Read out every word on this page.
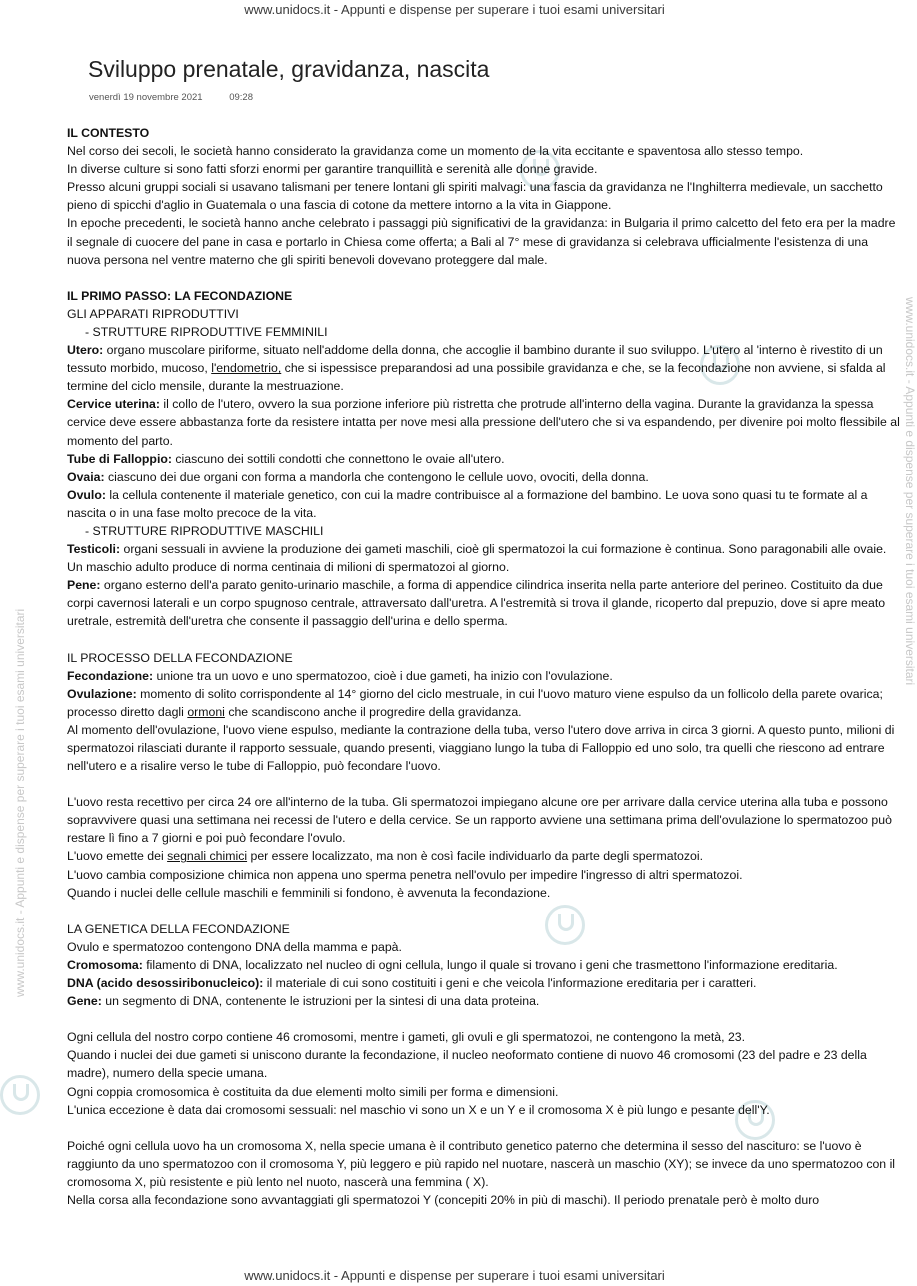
www.unidocs.it - Appunti e dispense per superare i tuoi esami universitari
www.unidocs.it - Appunti e dispense per superare i tuoi esami universitari
www.unidocs.it - Appunti e dispense per superare i tuoi esami universitari
www.unidocs.it - Appunti e dispense per superare i tuoi esami universitari
Sviluppo prenatale, gravidanza, nascita
venerdì 19 novembre 2021	09:28

IL CONTESTO

Nel corso dei secoli, le società hanno considerato la gravidanza come un momento de la vita eccitante e spaventosa allo stesso tempo.

In diverse culture si sono fatti sforzi enormi per garantire tranquillità e serenità alle donne gravide.

Presso alcuni gruppi sociali si usavano talismani per tenere lontani gli spiriti malvagi: una fascia da gravidanza ne l'Inghilterra medievale, un sacchetto pieno di spicchi d'aglio in Guatemala o una fascia di cotone da mettere intorno a la vita in Giappone.

In epoche precedenti, le società hanno anche celebrato i passaggi più significativi de la gravidanza: in Bulgaria il primo calcetto del feto era per la madre il segnale di cuocere del pane in casa e portarlo in Chiesa come offerta; a Bali al 7° mese di gravidanza si celebrava ufficialmente l'esistenza di una nuova persona nel ventre materno che gli spiriti benevoli dovevano proteggere dal male.

IL PRIMO PASSO: LA FECONDAZIONE

GLI APPARATI RIPRODUTTIVI

- STRUTTURE RIPRODUTTIVE FEMMINILI

Utero: organo muscolare piriforme, situato nell'addome della donna, che accoglie il bambino durante il suo sviluppo. L'utero al 'interno è rivestito di un tessuto morbido, mucoso, l'endometrio, che si ispessisce preparandosi ad una possibile gravidanza e che, se la fecondazione non avviene, si sfalda al termine del ciclo mensile, durante la mestruazione.

Cervice uterina: il collo de l'utero, ovvero la sua porzione inferiore più ristretta che protrude all'interno della vagina. Durante la gravidanza la spessa cervice deve essere abbastanza forte da resistere intatta per nove mesi alla pressione dell'utero che si va espandendo, per divenire poi molto flessibile al momento del parto.

Tube di Falloppio: ciascuno dei sottili condotti che connettono le ovaie all'utero.

Ovaia: ciascuno dei due organi con forma a mandorla che contengono le cellule uovo, ovociti, della donna.

Ovulo: la cellula contenente il materiale genetico, con cui la madre contribuisce al a formazione del bambino. Le uova sono quasi tu te formate al a nascita o in una fase molto precoce de la vita.

- STRUTTURE RIPRODUTTIVE MASCHILI

Testicoli: organi sessuali in avviene la produzione dei gameti maschili, cioè gli spermatozoi la cui formazione è continua. Sono paragonabili alle ovaie. Un maschio adulto produce di norma centinaia di milioni di spermatozoi al giorno.

Pene: organo esterno dell'a parato genito-urinario maschile, a forma di appendice cilindrica inserita nella parte anteriore del perineo. Costituito da due corpi cavernosi laterali e un corpo spugnoso centrale, attraversato dall'uretra. A l'estremità si trova il glande, ricoperto dal prepuzio, dove si apre meato uretrale, estremità dell'uretra che consente il passaggio dell'urina e dello sperma.

IL PROCESSO DELLA FECONDAZIONE

Fecondazione: unione tra un uovo e uno spermatozoo, cioè i due gameti, ha inizio con l'ovulazione.

Ovulazione: momento di solito corrispondente al 14° giorno del ciclo mestruale, in cui l'uovo maturo viene espulso da un follicolo della parete ovarica; processo diretto dagli ormoni che scandiscono anche il progredire della gravidanza.

Al momento dell'ovulazione, l'uovo viene espulso, mediante la contrazione della tuba, verso l'utero dove arriva in circa 3 giorni. A questo punto, milioni di spermatozoi rilasciati durante il rapporto sessuale, quando presenti, viaggiano lungo la tuba di Falloppio ed uno solo, tra quelli che riescono ad entrare nell'utero e a risalire verso le tube di Falloppio, può fecondare l'uovo.

L'uovo resta recettivo per circa 24 ore all'interno de la tuba. Gli spermatozoi impiegano alcune ore per arrivare dalla cervice uterina alla tuba e possono sopravvivere quasi una settimana nei recessi de l'utero e della cervice. Se un rapporto avviene una settimana prima dell'ovulazione lo spermatozoo può restare lì fino a 7 giorni e poi può fecondare l'ovulo.

L'uovo emette dei segnali chimici per essere localizzato, ma non è così facile individuarlo da parte degli spermatozoi.

L'uovo cambia composizione chimica non appena uno sperma penetra nell'ovulo per impedire l'ingresso di altri spermatozoi.

Quando i nuclei delle cellule maschili e femminili si fondono, è avvenuta la fecondazione.

LA GENETICA DELLA FECONDAZIONE

Ovulo e spermatozoo contengono DNA della mamma e papà.

Cromosoma: filamento di DNA, localizzato nel nucleo di ogni cellula, lungo il quale si trovano i geni che trasmettono l'informazione ereditaria.

DNA (acido desossiribonucleico): il materiale di cui sono costituiti i geni e che veicola l'informazione ereditaria per i caratteri.

Gene: un segmento di DNA, contenente le istruzioni per la sintesi di una data proteina.

Ogni cellula del nostro corpo contiene 46 cromosomi, mentre i gameti, gli ovuli e gli spermatozoi, ne contengono la metà, 23.

Quando i nuclei dei due gameti si uniscono durante la fecondazione, il nucleo neoformato contiene di nuovo 46 cromosomi (23 del padre e 23 della madre), numero della specie umana.

Ogni coppia cromosomica è costituita da due elementi molto simili per forma e dimensioni.

L'unica eccezione è data dai cromosomi sessuali: nel maschio vi sono un X e un Y e il cromosoma X è più lungo e pesante dell'Y.

Poiché ogni cellula uovo ha un cromosoma X, nella specie umana è il contributo genetico paterno che determina il sesso del nascituro: se l'uovo è raggiunto da uno spermatozoo con il cromosoma Y, più leggero e più rapido nel nuotare, nascerà un maschio (XY); se invece da uno spermatozoo con il cromosoma X, più resistente e più lento nel nuoto, nascerà una femmina ( X).

Nella corsa alla fecondazione sono avvantaggiati gli spermatozoi Y (concepiti 20% in più di maschi). Il periodo prenatale però è molto duro
